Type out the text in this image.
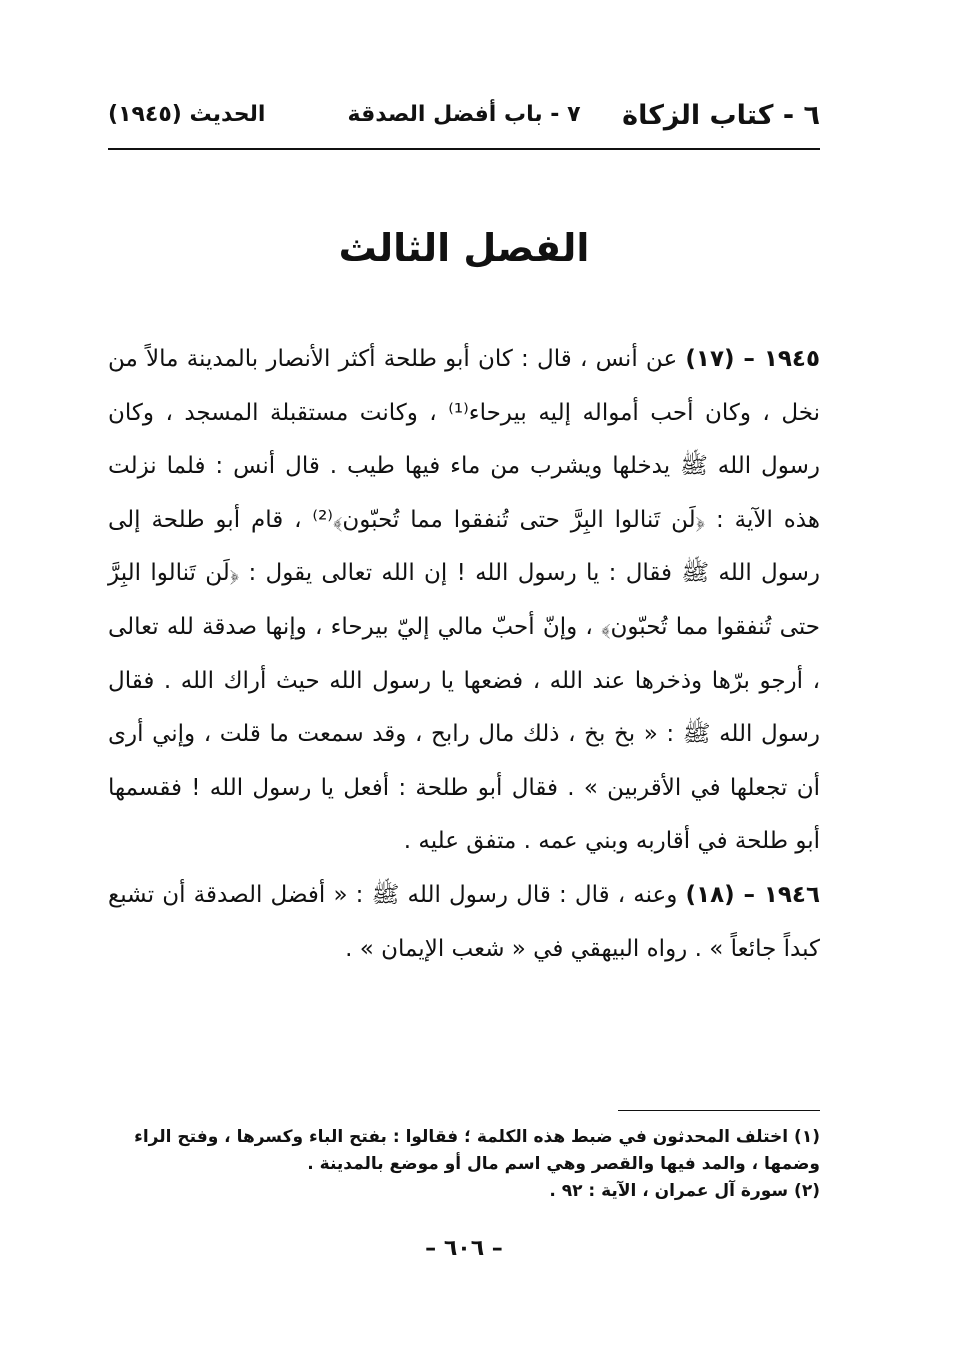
٦ - كتاب الزكاة
٧ - باب أفضل الصدقة
الحديث (١٩٤٥)
الفصل الثالث

١٩٤٥ – (١٧) عن أنس ، قال : كان أبو طلحة أكثر الأنصار بالمدينة مالاً من نخل ، وكان أحب أمواله إليه بيرحاء⁽¹⁾ ، وكانت مستقبلة المسجد ، وكان رسول الله ﷺ يدخلها ويشرب من ماء فيها طيب . قال أنس : فلما نزلت هذه الآية : ﴿لَن تَنالوا البِرَّ حتى تُنفقوا مما تُحبّون﴾⁽²⁾ ، قام أبو طلحة إلى رسول الله ﷺ فقال : يا رسول الله ! إن الله تعالى يقول : ﴿لَن تَنالوا البِرَّ حتى تُنفقوا مما تُحبّون﴾ ، وإنّ أحبّ مالي إليّ بيرحاء ، وإنها صدقة لله تعالى ، أرجو برّها وذخرها عند الله ، فضعها يا رسول الله حيث أراك الله . فقال رسول الله ﷺ : « بخ بخ ، ذلك مال رابح ، وقد سمعت ما قلت ، وإني أرى أن تجعلها في الأقربين » . فقال أبو طلحة : أفعل يا رسول الله ! فقسمها أبو طلحة في أقاربه وبني عمه . متفق عليه .

١٩٤٦ – (١٨) وعنه ، قال : قال رسول الله ﷺ : « أفضل الصدقة أن تشبع كبداً جائعاً » . رواه البيهقي في « شعب الإيمان » .

(١) اختلف المحدثون في ضبط هذه الكلمة ؛ فقالوا : بفتح الباء وكسرها ، وفتح الراء وضمها ، والمد فيها والقصر وهي اسم مال أو موضع بالمدينة .

(٢) سورة آل عمران ، الآية : ٩٢ .

– ٦٠٦ –
